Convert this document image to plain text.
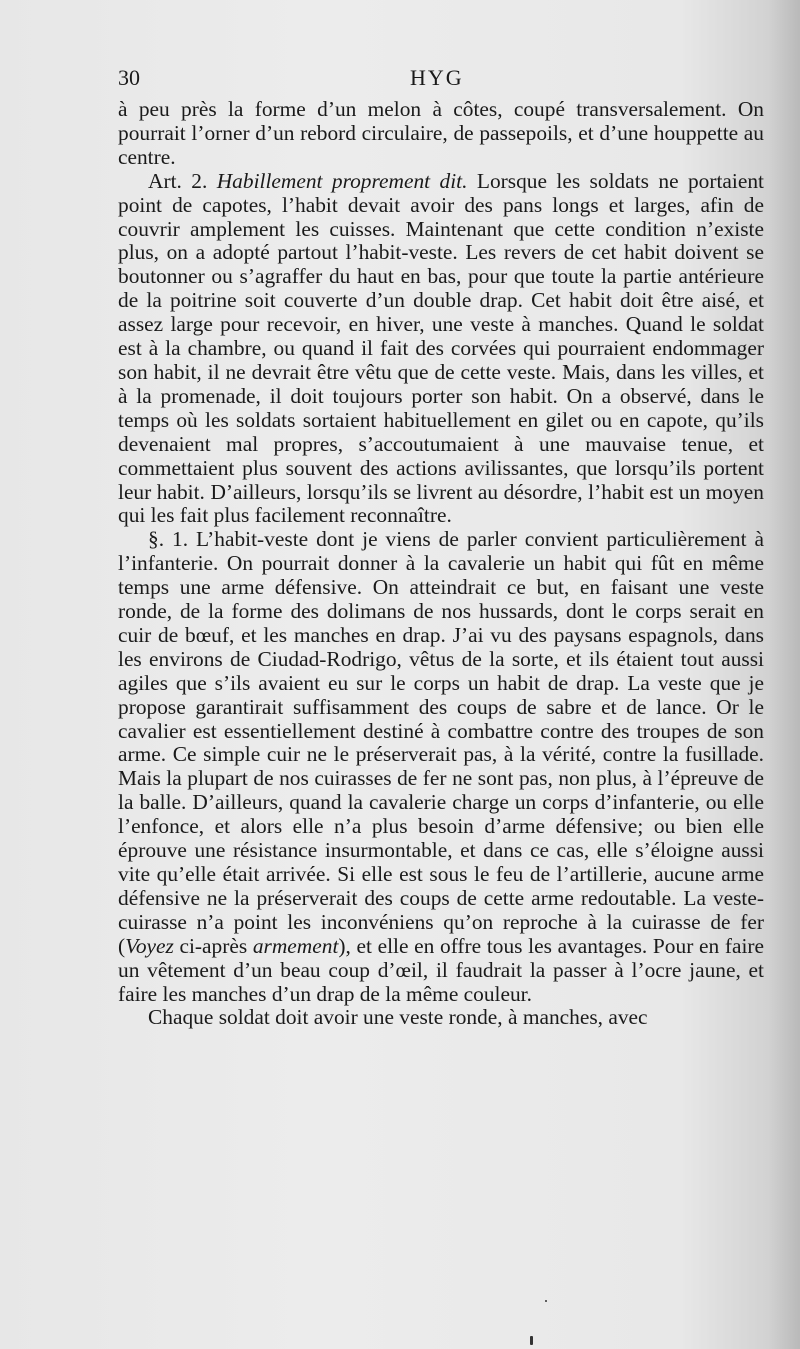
30	HYG

à peu près la forme d’un melon à côtes, coupé transversalement. On pourrait l’orner d’un rebord circulaire, de passepoils, et d’une houppette au centre.

Art. 2. Habillement proprement dit. Lorsque les soldats ne portaient point de capotes, l’habit devait avoir des pans longs et larges, afin de couvrir amplement les cuisses. Maintenant que cette condition n’existe plus, on a adopté partout l’habit-veste. Les revers de cet habit doivent se boutonner ou s’agraffer du haut en bas, pour que toute la partie antérieure de la poitrine soit couverte d’un double drap. Cet habit doit être aisé, et assez large pour recevoir, en hiver, une veste à manches. Quand le soldat est à la chambre, ou quand il fait des corvées qui pourraient endommager son habit, il ne devrait être vêtu que de cette veste. Mais, dans les villes, et à la promenade, il doit toujours porter son habit. On a observé, dans le temps où les soldats sortaient habituellement en gilet ou en capote, qu’ils devenaient mal propres, s’accoutumaient à une mauvaise tenue, et commettaient plus souvent des actions avilissantes, que lorsqu’ils portent leur habit. D’ailleurs, lorsqu’ils se livrent au désordre, l’habit est un moyen qui les fait plus facilement reconnaître.

§. 1. L’habit-veste dont je viens de parler convient particulièrement à l’infanterie. On pourrait donner à la cavalerie un habit qui fût en même temps une arme défensive. On atteindrait ce but, en faisant une veste ronde, de la forme des dolimans de nos hussards, dont le corps serait en cuir de bœuf, et les manches en drap. J’ai vu des paysans espagnols, dans les environs de Ciudad-Rodrigo, vêtus de la sorte, et ils étaient tout aussi agiles que s’ils avaient eu sur le corps un habit de drap. La veste que je propose garantirait suffisamment des coups de sabre et de lance. Or le cavalier est essentiellement destiné à combattre contre des troupes de son arme. Ce simple cuir ne le préserverait pas, à la vérité, contre la fusillade. Mais la plupart de nos cuirasses de fer ne sont pas, non plus, à l’épreuve de la balle. D’ailleurs, quand la cavalerie charge un corps d’infanterie, ou elle l’enfonce, et alors elle n’a plus besoin d’arme défensive; ou bien elle éprouve une résistance insurmontable, et dans ce cas, elle s’éloigne aussi vite qu’elle était arrivée. Si elle est sous le feu de l’artillerie, aucune arme défensive ne la préserverait des coups de cette arme redoutable. La veste-cuirasse n’a point les inconvéniens qu’on reproche à la cuirasse de fer (Voyez ci-après armement), et elle en offre tous les avantages. Pour en faire un vêtement d’un beau coup d’œil, il faudrait la passer à l’ocre jaune, et faire les manches d’un drap de la même couleur.

Chaque soldat doit avoir une veste ronde, à manches, avec
